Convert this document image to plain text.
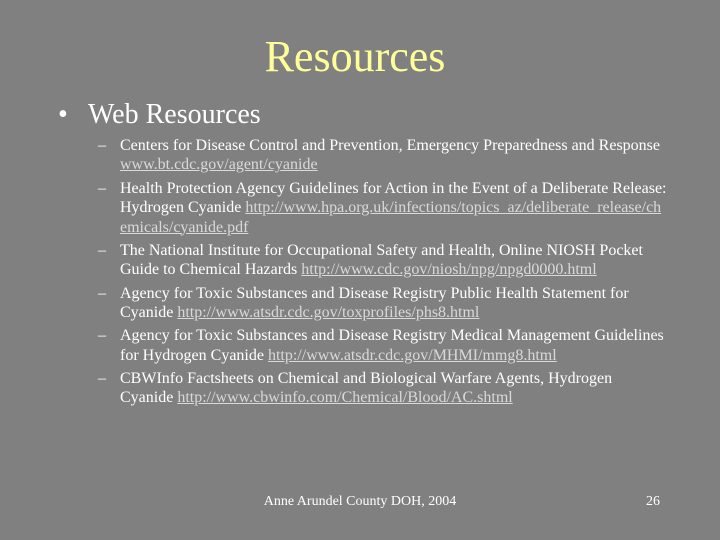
Resources
• Web Resources
– Centers for Disease Control and Prevention, Emergency Preparedness and Response www.bt.cdc.gov/agent/cyanide
– Health Protection Agency Guidelines for Action in the Event of a Deliberate Release: Hydrogen Cyanide http://www.hpa.org.uk/infections/topics_az/deliberate_release/chemicals/cyanide.pdf
– The National Institute for Occupational Safety and Health, Online NIOSH Pocket Guide to Chemical Hazards http://www.cdc.gov/niosh/npg/npgd0000.html
– Agency for Toxic Substances and Disease Registry Public Health Statement for Cyanide http://www.atsdr.cdc.gov/toxprofiles/phs8.html
– Agency for Toxic Substances and Disease Registry Medical Management Guidelines for Hydrogen Cyanide http://www.atsdr.cdc.gov/MHMI/mmg8.html
– CBWInfo Factsheets on Chemical and Biological Warfare Agents, Hydrogen Cyanide http://www.cbwinfo.com/Chemical/Blood/AC.shtml
Anne Arundel County DOH, 2004	26
